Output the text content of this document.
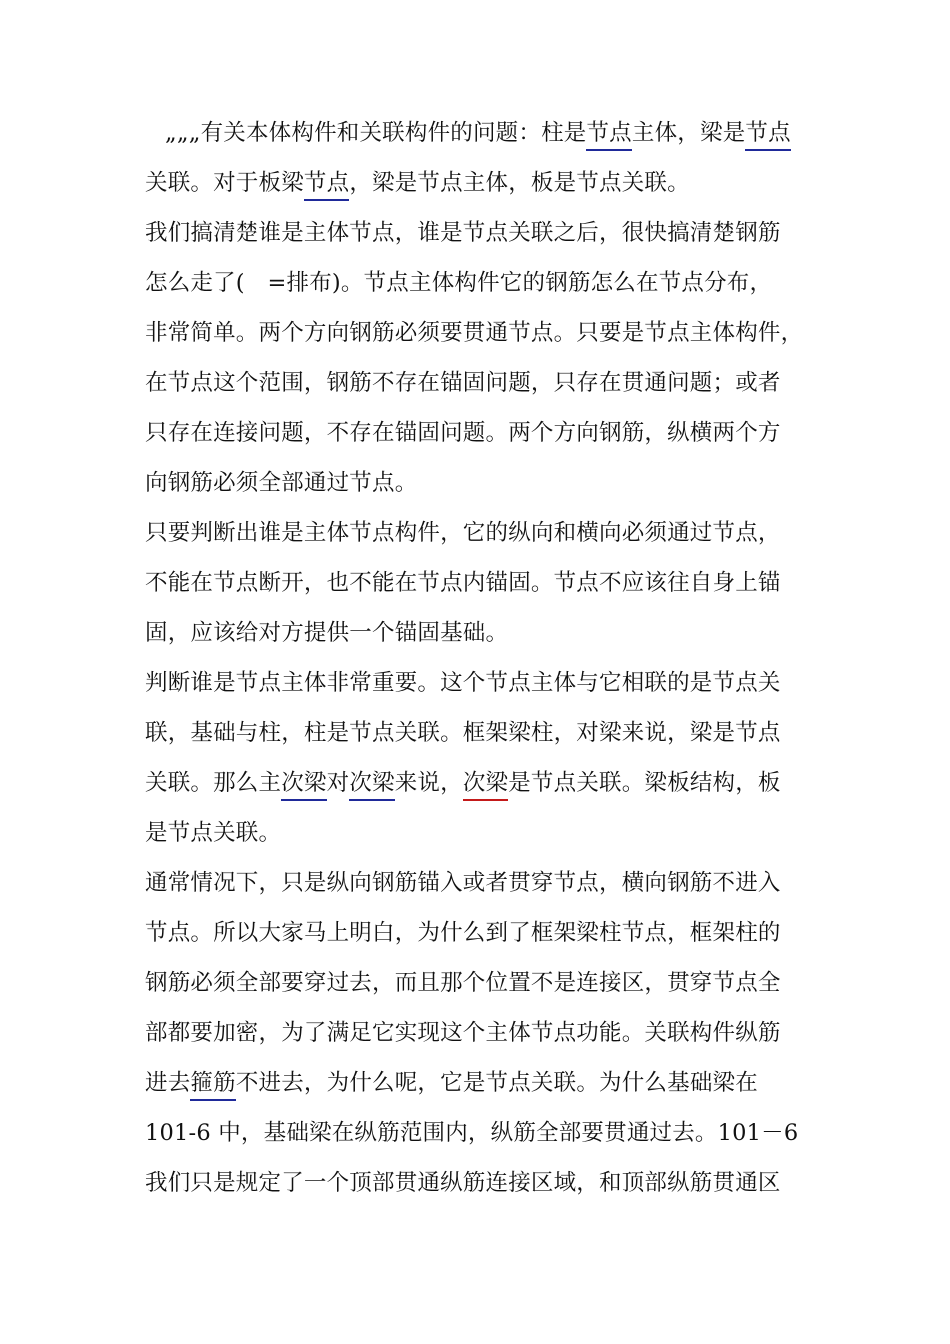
„„„有关本体构件和关联构件的问题：柱是节点主体，梁是节点
关联。对于板梁节点，梁是节点主体，板是节点关联。
我们搞清楚谁是主体节点，谁是节点关联之后，很快搞清楚钢筋
怎么走了(　=排布)。节点主体构件它的钢筋怎么在节点分布，
非常简单。两个方向钢筋必须要贯通节点。只要是节点主体构件，
在节点这个范围，钢筋不存在锚固问题，只存在贯通问题；或者
只存在连接问题，不存在锚固问题。两个方向钢筋，纵横两个方
向钢筋必须全部通过节点。
只要判断出谁是主体节点构件，它的纵向和横向必须通过节点，
不能在节点断开，也不能在节点内锚固。节点不应该往自身上锚
固，应该给对方提供一个锚固基础。
判断谁是节点主体非常重要。这个节点主体与它相联的是节点关
联，基础与柱，柱是节点关联。框架梁柱，对梁来说，梁是节点
关联。那么主次梁对次梁来说，次梁是节点关联。梁板结构，板
是节点关联。
通常情况下，只是纵向钢筋锚入或者贯穿节点，横向钢筋不进入
节点。所以大家马上明白，为什么到了框架梁柱节点，框架柱的
钢筋必须全部要穿过去，而且那个位置不是连接区，贯穿节点全
部都要加密，为了满足它实现这个主体节点功能。关联构件纵筋
进去箍筋不进去，为什么呢，它是节点关联。为什么基础梁在
101-6 中，基础梁在纵筋范围内，纵筋全部要贯通过去。101－6
我们只是规定了一个顶部贯通纵筋连接区域，和顶部纵筋贯通区
